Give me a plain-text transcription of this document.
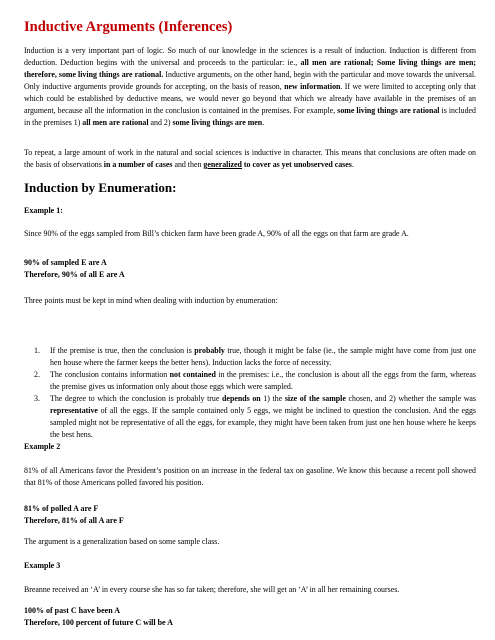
Inductive Arguments (Inferences)

Induction is a very important part of logic. So much of our knowledge in the sciences is a result of induction. Induction is different from deduction. Deduction begins with the universal and proceeds to the particular: ie., all men are rational; Some living things are men; therefore, some living things are rational. Inductive arguments, on the other hand, begin with the particular and move towards the universal. Only inductive arguments provide grounds for accepting, on the basis of reason, new information. If we were limited to accepting only that which could be established by deductive means, we would never go beyond that which we already have available in the premises of an argument, because all the information in the conclusion is contained in the premises. For example, some living things are rational is included in the premises 1) all men are rational and 2) some living things are men.

To repeat, a large amount of work in the natural and social sciences is inductive in character. This means that conclusions are often made on the basis of observations in a number of cases and then generalized to cover as yet unobserved cases.

Induction by Enumeration:

Example 1:

Since 90% of the eggs sampled from Bill’s chicken farm have been grade A, 90% of all the eggs on that farm are grade A.

90% of sampled E are A
Therefore, 90% of all E are A

Three points must be kept in mind when dealing with induction by enumeration:

1. If the premise is true, then the conclusion is probably true, though it might be false (ie., the sample might have come from just one hen house where the farmer keeps the better hens). Induction lacks the force of necessity.
2. The conclusion contains information not contained in the premises: i.e., the conclusion is about all the eggs from the farm, whereas the premise gives us information only about those eggs which were sampled.
3. The degree to which the conclusion is probably true depends on 1) the size of the sample chosen, and 2) whether the sample was representative of all the eggs. If the sample contained only 5 eggs, we might be inclined to question the conclusion. And the eggs sampled might not be representative of all the eggs, for example, they might have been taken from just one hen house where he keeps the best hens.

Example 2

81% of all Americans favor the President’s position on an increase in the federal tax on gasoline. We know this because a recent poll showed that 81% of those Americans polled favored his position.

81% of polled A are F
Therefore, 81% of all A are F

The argument is a generalization based on some sample class.

Example 3

Breanne received an ‘A’ in every course she has so far taken; therefore, she will get an ‘A’ in all her remaining courses.

100% of past C have been A
Therefore, 100 percent of future C will be A
